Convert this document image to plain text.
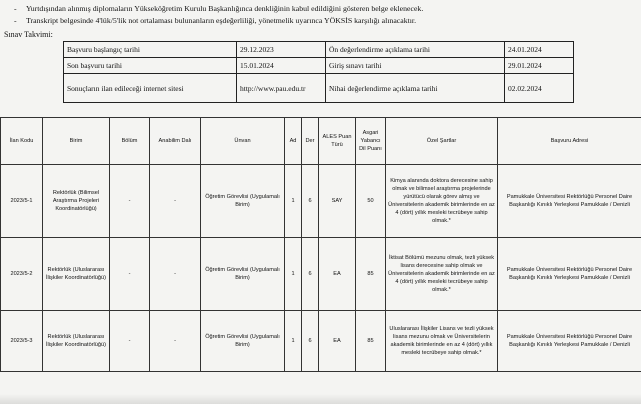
- Yurtdışından alınmış diplomaların Yükseköğretim Kurulu Başkanlığınca denkliğinin kabul edildiğini gösteren belge eklenecek.
- Transkript belgesinde 4'lük/5'lik not ortalaması bulunanların eşdeğerliliği, yönetmelik uyarınca YÖKSİS karşılığı alınacaktır.
Sınav Takvimi:
Başvuru başlangıç tarihi	29.12.2023	Ön değerlendirme açıklama tarihi	24.01.2024
Son başvuru tarihi	15.01.2024	Giriş sınavı tarihi	29.01.2024
Sonuçların ilan edileceği internet sitesi	http://www.pau.edu.tr	Nihai değerlendirme açıklama tarihi	02.02.2024
İlan Kodu	Birim	Bölüm	Anabilim Dalı	Ünvan	Ad	Der	ALES Puan Türü	Asgari Yabancı Dil Puanı	Özel Şartlar	Başvuru Adresi
2023/5-1	Rektörlük (Bilimsel Araştırma Projeleri Koordinatörlüğü)	-	-	Öğretim Görevlisi (Uygulamalı Birim)	1	6	SAY	50	Kimya alanında doktora derecesine sahip olmak ve bilimsel araştırma projelerinde yürütücü olarak görev almış ve Üniversitelerin akademik birimlerinde en az 4 (dört) yıllık mesleki tecrübeye sahip olmak.*	Pamukkale Üniversitesi Rektörlüğü Personel Daire Başkanlığı Kınıklı Yerleşkesi Pamukkale / Denizli
2023/5-2	Rektörlük (Uluslararası İlişkiler Koordinatörlüğü)	-	-	Öğretim Görevlisi (Uygulamalı Birim)	1	6	EA	85	İktisat Bölümü mezunu olmak, tezli yüksek lisans derecesine sahip olmak ve Üniversitelerin akademik birimlerinde en az 4 (dört) yıllık mesleki tecrübeye sahip olmak.*	Pamukkale Üniversitesi Rektörlüğü Personel Daire Başkanlığı Kınıklı Yerleşkesi Pamukkale / Denizli
2023/5-3	Rektörlük (Uluslararası İlişkiler Koordinatörlüğü)	-	-	Öğretim Görevlisi (Uygulamalı Birim)	1	6	EA	85	Uluslararası İlişkiler Lisans ve tezli yüksek lisans mezunu olmak ve Üniversitelerin akademik birimlerinde en az 4 (dört) yıllık mesleki tecrübeye sahip olmak.*	Pamukkale Üniversitesi Rektörlüğü Personel Daire Başkanlığı Kınıklı Yerleşkesi Pamukkale / Denizli
